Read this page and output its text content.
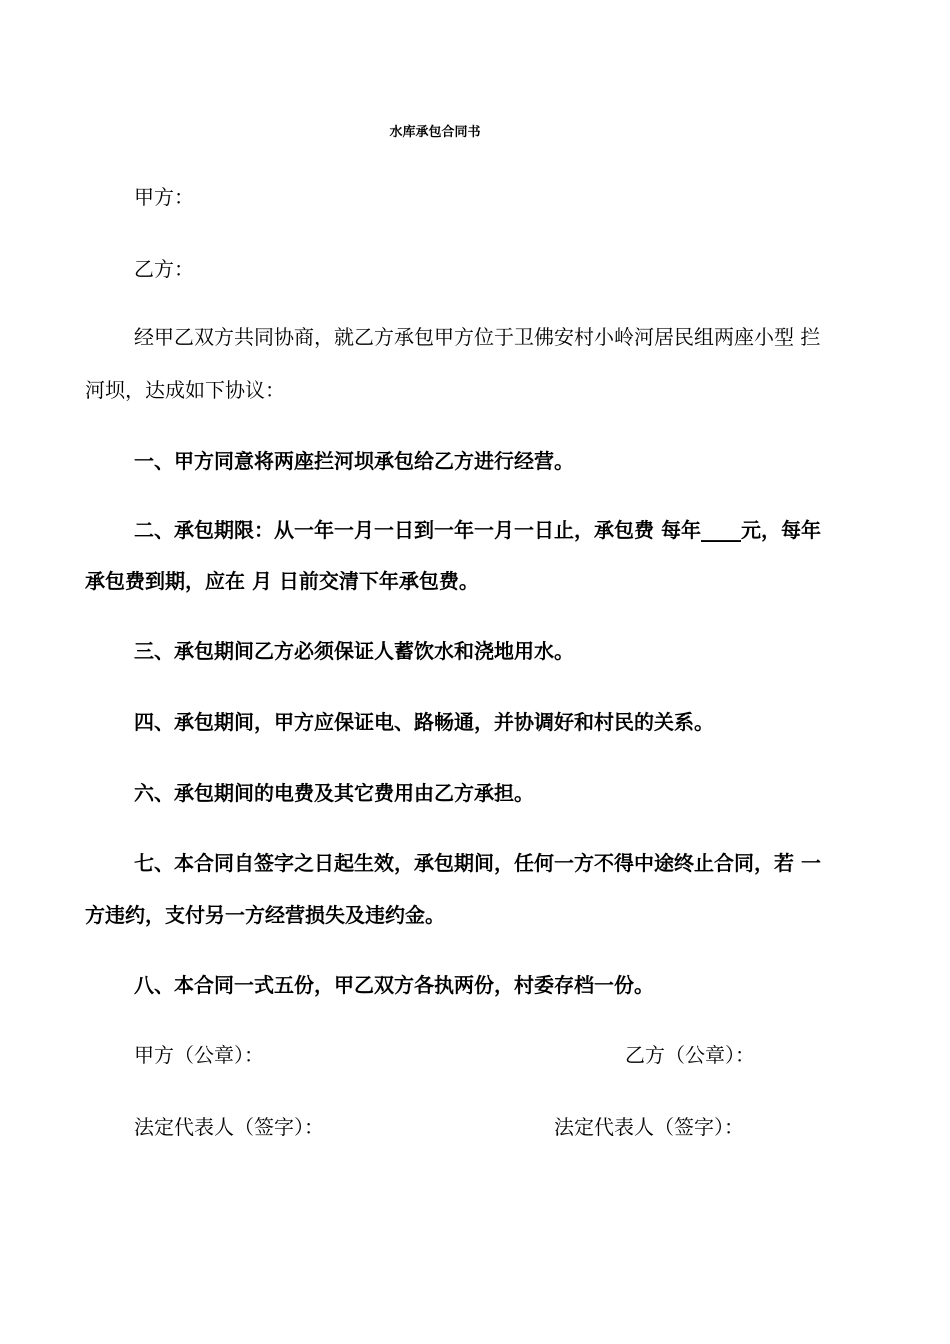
水库承包合同书
甲方：
乙方：
经甲乙双方共同协商，就乙方承包甲方位于卫佛安村小岭河居民组两座小型 拦
河坝，达成如下协议：
一、甲方同意将两座拦河坝承包给乙方进行经营。
二、承包期限：从一年一月一日到一年一月一日止，承包费 每年____元，每年
承包费到期，应在 月 日前交清下年承包费。
三、承包期间乙方必须保证人蓄饮水和浇地用水。
四、承包期间，甲方应保证电、路畅通，并协调好和村民的关系。
六、承包期间的电费及其它费用由乙方承担。
七、本合同自签字之日起生效，承包期间，任何一方不得中途终止合同，若 一
方违约，支付另一方经营损失及违约金。
八、本合同一式五份，甲乙双方各执两份，村委存档一份。
甲方（公章）：	乙方（公章）：
法定代表人（签字）：	法定代表人（签字）：
